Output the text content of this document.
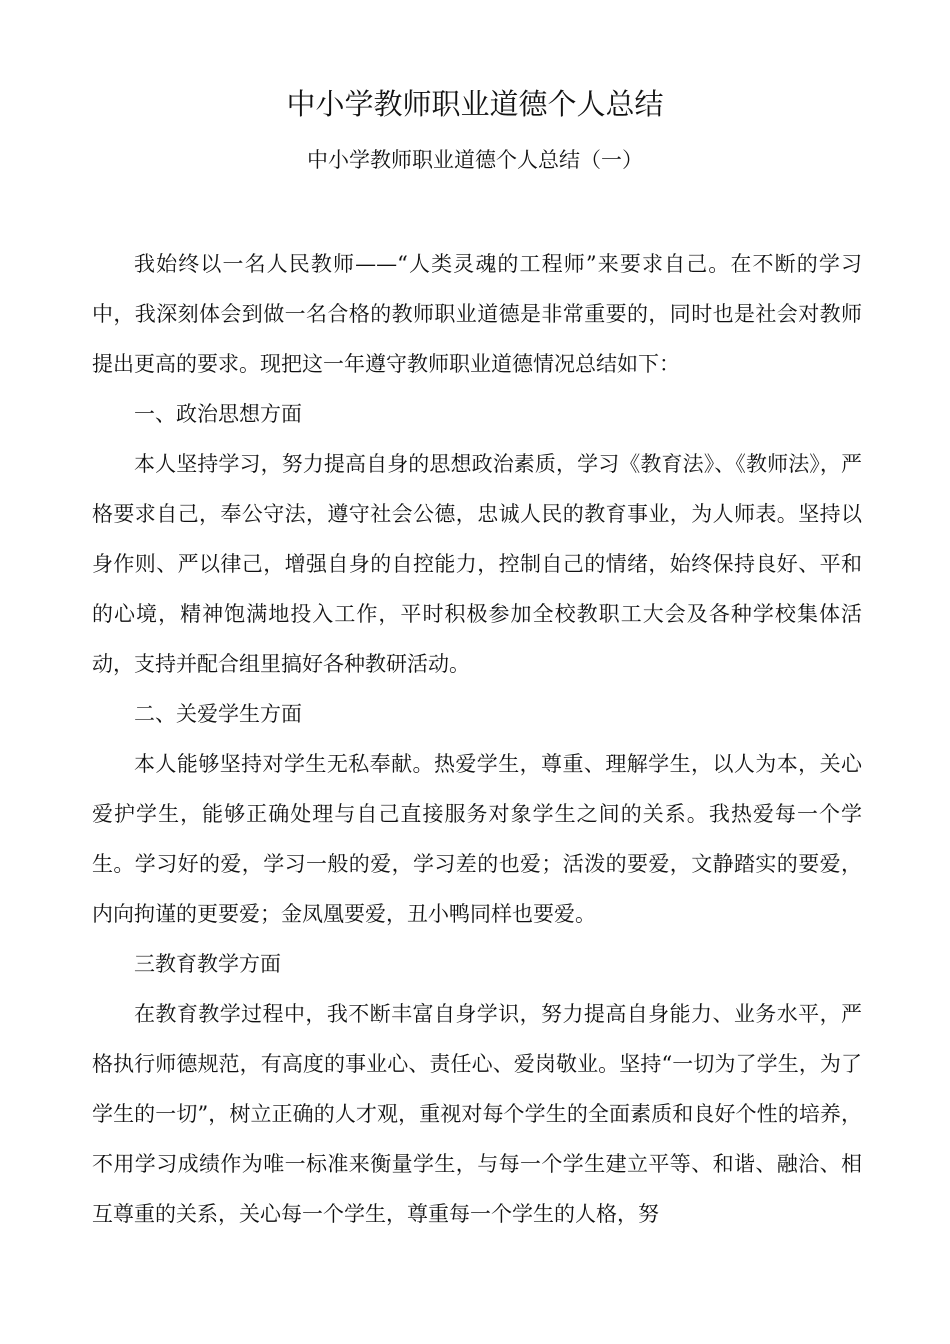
中小学教师职业道德个人总结
中小学教师职业道德个人总结（一）

我始终以一名人民教师——“人类灵魂的工程师”来要求自己。在不断的学习中，我深刻体会到做一名合格的教师职业道德是非常重要的，同时也是社会对教师提出更高的要求。现把这一年遵守教师职业道德情况总结如下：

一、政治思想方面

本人坚持学习，努力提高自身的思想政治素质，学习《教育法》、《教师法》，严格要求自己，奉公守法，遵守社会公德，忠诚人民的教育事业，为人师表。坚持以身作则、严以律己，增强自身的自控能力，控制自己的情绪，始终保持良好、平和的心境，精神饱满地投入工作，平时积极参加全校教职工大会及各种学校集体活动，支持并配合组里搞好各种教研活动。

二、关爱学生方面

本人能够坚持对学生无私奉献。热爱学生，尊重、理解学生，以人为本，关心爱护学生，能够正确处理与自己直接服务对象学生之间的关系。我热爱每一个学生。学习好的爱，学习一般的爱，学习差的也爱；活泼的要爱，文静踏实的要爱，内向拘谨的更要爱；金凤凰要爱，丑小鸭同样也要爱。

三教育教学方面

在教育教学过程中，我不断丰富自身学识，努力提高自身能力、业务水平，严格执行师德规范，有高度的事业心、责任心、爱岗敬业。坚持“一切为了学生，为了学生的一切”，树立正确的人才观，重视对每个学生的全面素质和良好个性的培养，不用学习成绩作为唯一标准来衡量学生，与每一个学生建立平等、和谐、融洽、相互尊重的关系，关心每一个学生，尊重每一个学生的人格，努
